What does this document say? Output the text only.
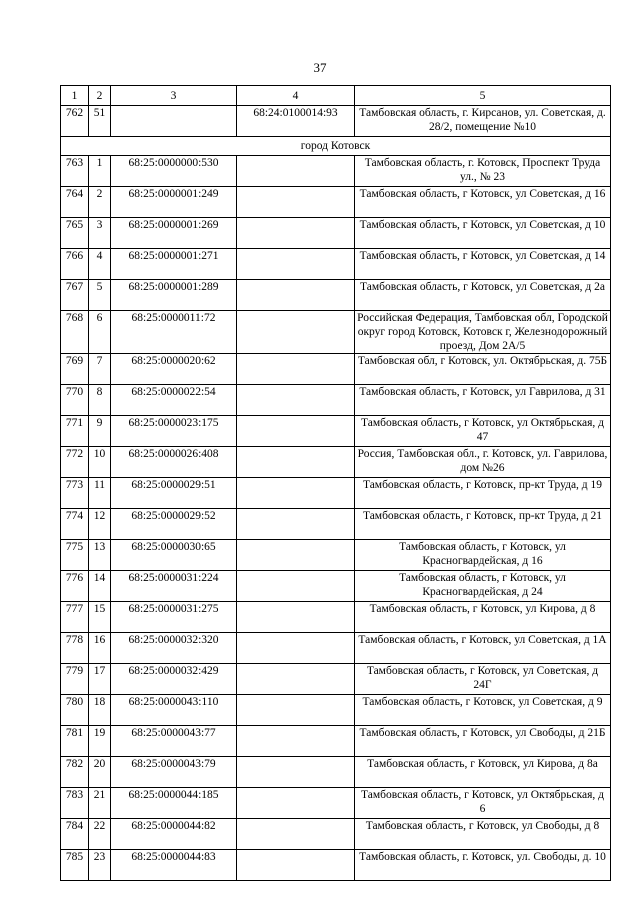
37
1	2	3	4	5
762	51		68:24:0100014:93	Тамбовская область, г. Кирсанов, ул. Советская, д. 28/2, помещение №10
город Котовск				
763	1	68:25:0000000:530		Тамбовская область, г. Котовск, Проспект Труда ул., № 23
764	2	68:25:0000001:249		Тамбовская область, г Котовск, ул Советская, д 16
765	3	68:25:0000001:269		Тамбовская область, г Котовск, ул Советская, д 10
766	4	68:25:0000001:271		Тамбовская область, г Котовск, ул Советская, д 14
767	5	68:25:0000001:289		Тамбовская область, г Котовск, ул Советская, д 2а
768	6	68:25:0000011:72		Российская Федерация, Тамбовская обл, Городской округ город Котовск, Котовск г, Железнодорожный проезд, Дом 2А/5
769	7	68:25:0000020:62		Тамбовская обл, г Котовск, ул. Октябрьская, д. 75Б
770	8	68:25:0000022:54		Тамбовская область, г Котовск, ул Гаврилова, д 31
771	9	68:25:0000023:175		Тамбовская область, г Котовск, ул Октябрьская, д 47
772	10	68:25:0000026:408		Россия, Тамбовская обл., г. Котовск, ул. Гаврилова, дом №26
773	11	68:25:0000029:51		Тамбовская область, г Котовск, пр-кт Труда, д 19
774	12	68:25:0000029:52		Тамбовская область, г Котовск, пр-кт Труда, д 21
775	13	68:25:0000030:65		Тамбовская область, г Котовск, ул Красногвардейская, д 16
776	14	68:25:0000031:224		Тамбовская область, г Котовск, ул Красногвардейская, д 24
777	15	68:25:0000031:275		Тамбовская область, г Котовск, ул Кирова, д 8
778	16	68:25:0000032:320		Тамбовская область, г Котовск, ул Советская, д 1А
779	17	68:25:0000032:429		Тамбовская область, г Котовск, ул Советская, д 24Г
780	18	68:25:0000043:110		Тамбовская область, г Котовск, ул Советская, д 9
781	19	68:25:0000043:77		Тамбовская область, г Котовск, ул Свободы, д 21Б
782	20	68:25:0000043:79		Тамбовская область, г Котовск, ул Кирова, д 8а
783	21	68:25:0000044:185		Тамбовская область, г Котовск, ул Октябрьская, д 6
784	22	68:25:0000044:82		Тамбовская область, г Котовск, ул Свободы, д 8
785	23	68:25:0000044:83		Тамбовская область, г. Котовск, ул. Свободы, д. 10
